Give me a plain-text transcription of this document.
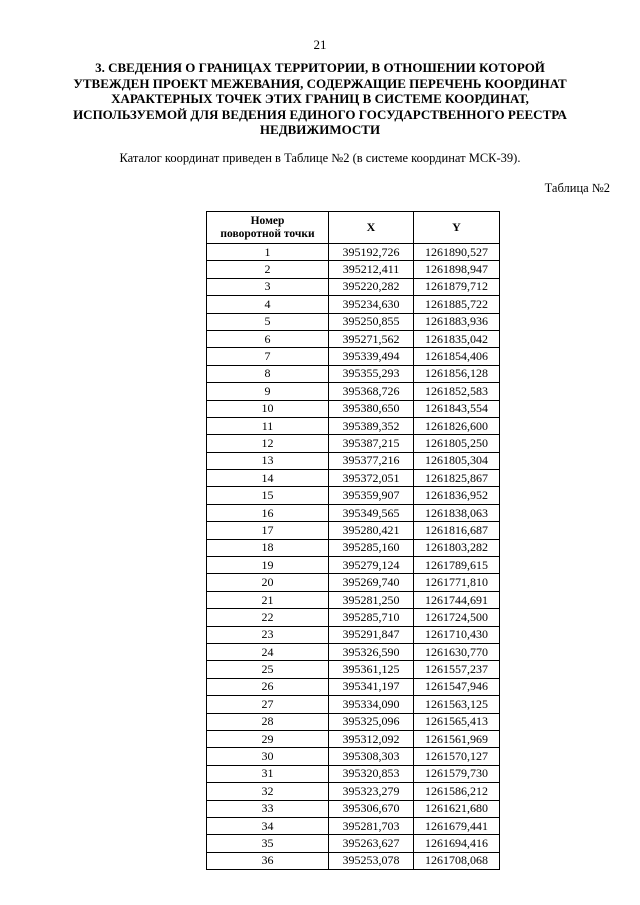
21
3. СВЕДЕНИЯ О ГРАНИЦАХ ТЕРРИТОРИИ, В ОТНОШЕНИИ КОТОРОЙ
УТВЕЖДЕН ПРОЕКТ МЕЖЕВАНИЯ, СОДЕРЖАЩИЕ ПЕРЕЧЕНЬ КООРДИНАТ
ХАРАКТЕРНЫХ ТОЧЕК ЭТИХ ГРАНИЦ В СИСТЕМЕ КООРДИНАТ,
ИСПОЛЬЗУЕМОЙ ДЛЯ ВЕДЕНИЯ ЕДИНОГО ГОСУДАРСТВЕННОГО РЕЕСТРА
НЕДВИЖИМОСТИ
Каталог координат приведен в Таблице №2 (в системе координат МСК-39).
Таблица №2
Номер
поворотной точки	X	Y
1	395192,726	1261890,527
2	395212,411	1261898,947
3	395220,282	1261879,712
4	395234,630	1261885,722
5	395250,855	1261883,936
6	395271,562	1261835,042
7	395339,494	1261854,406
8	395355,293	1261856,128
9	395368,726	1261852,583
10	395380,650	1261843,554
11	395389,352	1261826,600
12	395387,215	1261805,250
13	395377,216	1261805,304
14	395372,051	1261825,867
15	395359,907	1261836,952
16	395349,565	1261838,063
17	395280,421	1261816,687
18	395285,160	1261803,282
19	395279,124	1261789,615
20	395269,740	1261771,810
21	395281,250	1261744,691
22	395285,710	1261724,500
23	395291,847	1261710,430
24	395326,590	1261630,770
25	395361,125	1261557,237
26	395341,197	1261547,946
27	395334,090	1261563,125
28	395325,096	1261565,413
29	395312,092	1261561,969
30	395308,303	1261570,127
31	395320,853	1261579,730
32	395323,279	1261586,212
33	395306,670	1261621,680
34	395281,703	1261679,441
35	395263,627	1261694,416
36	395253,078	1261708,068
